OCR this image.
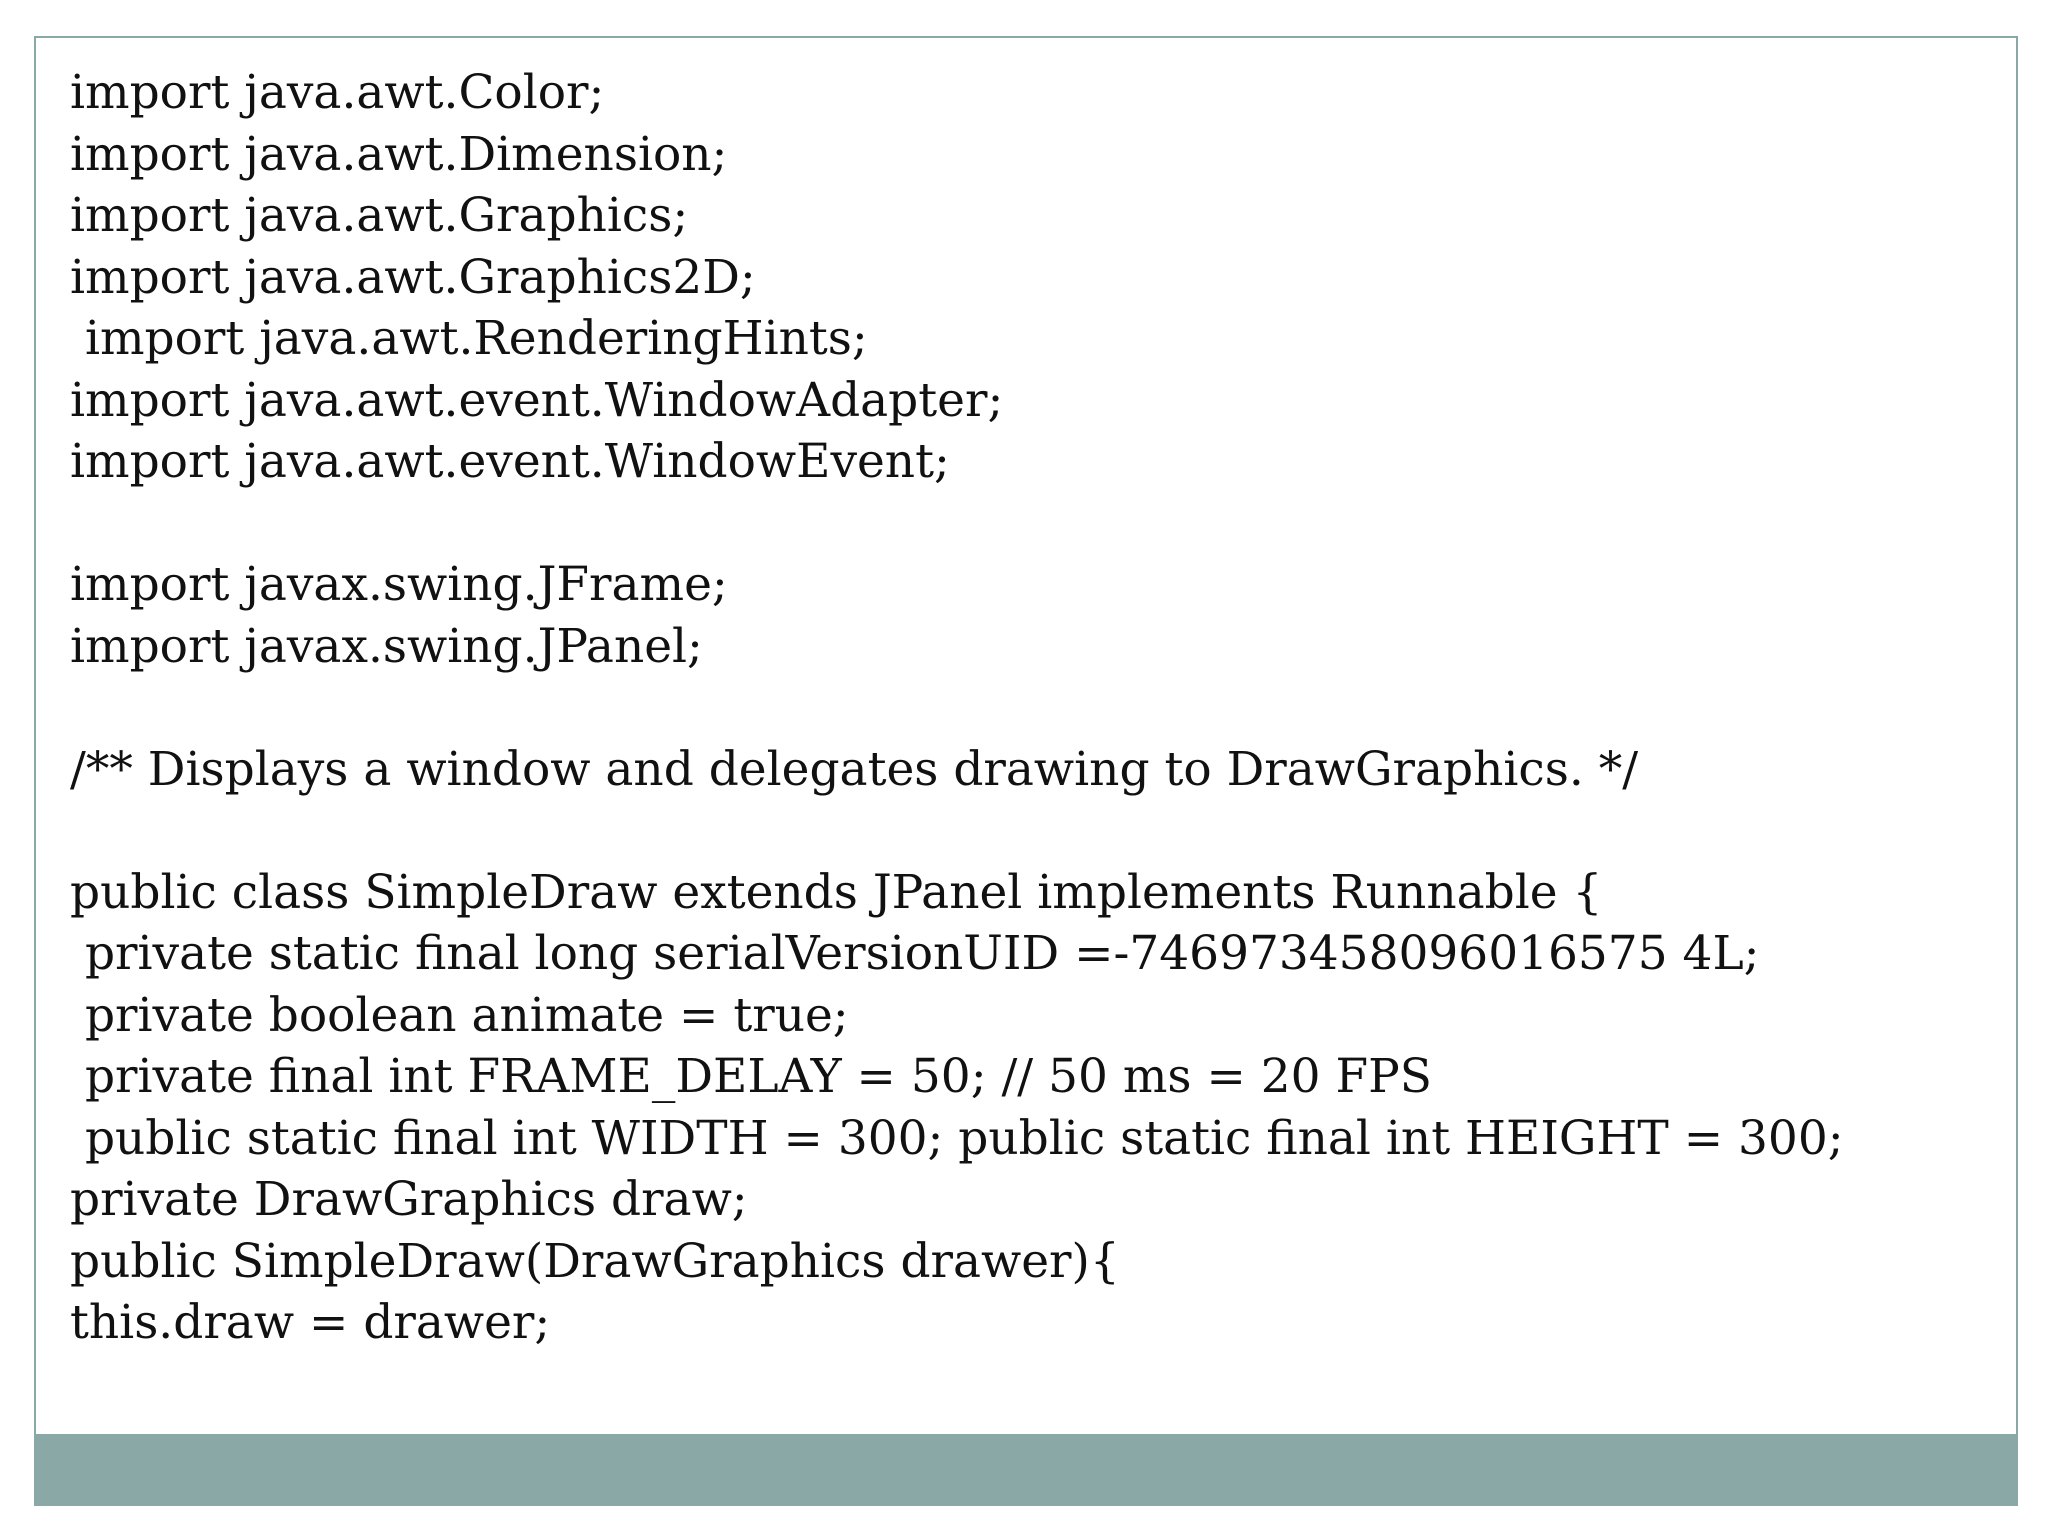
import java.awt.Color;
import java.awt.Dimension;
import java.awt.Graphics;
import java.awt.Graphics2D;
import java.awt.RenderingHints;
import java.awt.event.WindowAdapter;
import java.awt.event.WindowEvent;
import javax.swing.JFrame;
import javax.swing.JPanel;
/** Displays a window and delegates drawing to DrawGraphics. */
public class SimpleDraw extends JPanel implements Runnable {
private static final long serialVersionUID =-746973458096016575 4L;
private boolean animate = true;
private final int FRAME_DELAY = 50; // 50 ms = 20 FPS
public static final int WIDTH = 300; public static final int HEIGHT = 300; private DrawGraphics draw;
public SimpleDraw(DrawGraphics drawer){
this.draw = drawer;
